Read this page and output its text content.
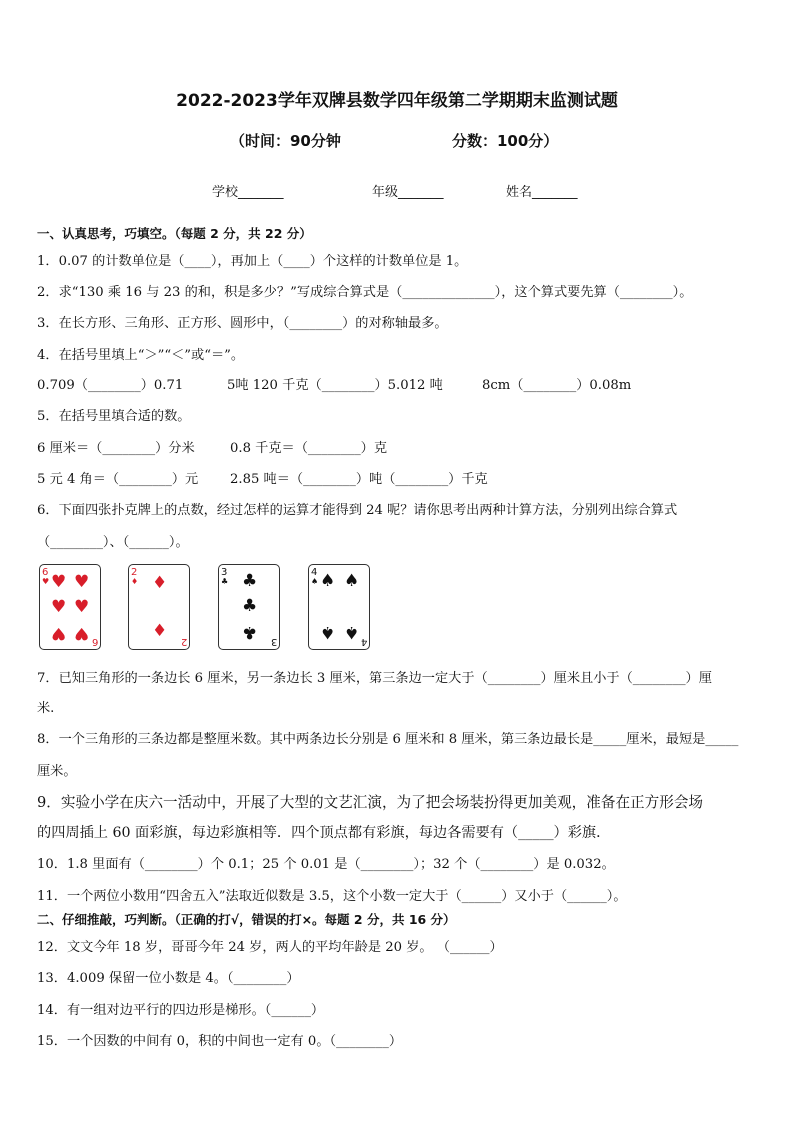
2022-2023学年双牌县数学四年级第二学期期末监测试题
（时间：90分钟	分数：100分）
学校_______	年级_______	姓名_______
一、认真思考，巧填空。（每题 2 分，共 22 分）
1．0.07 的计数单位是（____），再加上（____）个这样的计数单位是 1。
2．求“130 乘 16 与 23 的和，积是多少？”写成综合算式是（______________），这个算式要先算（________）。
3．在长方形、三角形、正方形、圆形中，（________）的对称轴最多。
4．在括号里填上“＞”“＜”或“＝”。
0.709（________）0.71	5吨 120 千克（________）5.012 吨	8cm（________）0.08m
5．在括号里填合适的数。
6 厘米＝（________）分米	0.8 千克＝（________）克
5 元 4 角＝（________）元 2.85 吨＝（________）吨（________）千克
6．下面四张扑克牌上的点数，经过怎样的运算才能得到 24 呢？请你思考出两种计算方法，分别列出综合算式
（________）、（______）。
6
♥ ♥ ♥
♥ ♥
♥ ♥ 6
2
♦ ♦
♦
2
3
♣ ♣
♣
♣ 3
4
♠ ♠ ♠
♠ ♠ 4
7．已知三角形的一条边长 6 厘米，另一条边长 3 厘米，第三条边一定大于（________）厘米且小于（________）厘
米.
8．一个三角形的三条边都是整厘米数。其中两条边长分别是 6 厘米和 8 厘米，第三条边最长是_____厘米，最短是_____
厘米。
9．实验小学在庆六一活动中，开展了大型的文艺汇演，为了把会场装扮得更加美观，准备在正方形会场
的四周插上 60 面彩旗，每边彩旗相等．四个顶点都有彩旗，每边各需要有（_____）彩旗．
10．1.8 里面有（________）个 0.1；25 个 0.01 是（________）；32 个（________）是 0.032。
11．一个两位小数用“四舍五入”法取近似数是 3.5，这个小数一定大于（______）又小于（______）。
二、仔细推敲，巧判断。（正确的打√，错误的打×。每题 2 分，共 16 分）
12．文文今年 18 岁，哥哥今年 24 岁，两人的平均年龄是 20 岁。 （______）
13．4.009 保留一位小数是 4。（________）
14．有一组对边平行的四边形是梯形。（______）
15．一个因数的中间有 0，积的中间也一定有 0。（________）
